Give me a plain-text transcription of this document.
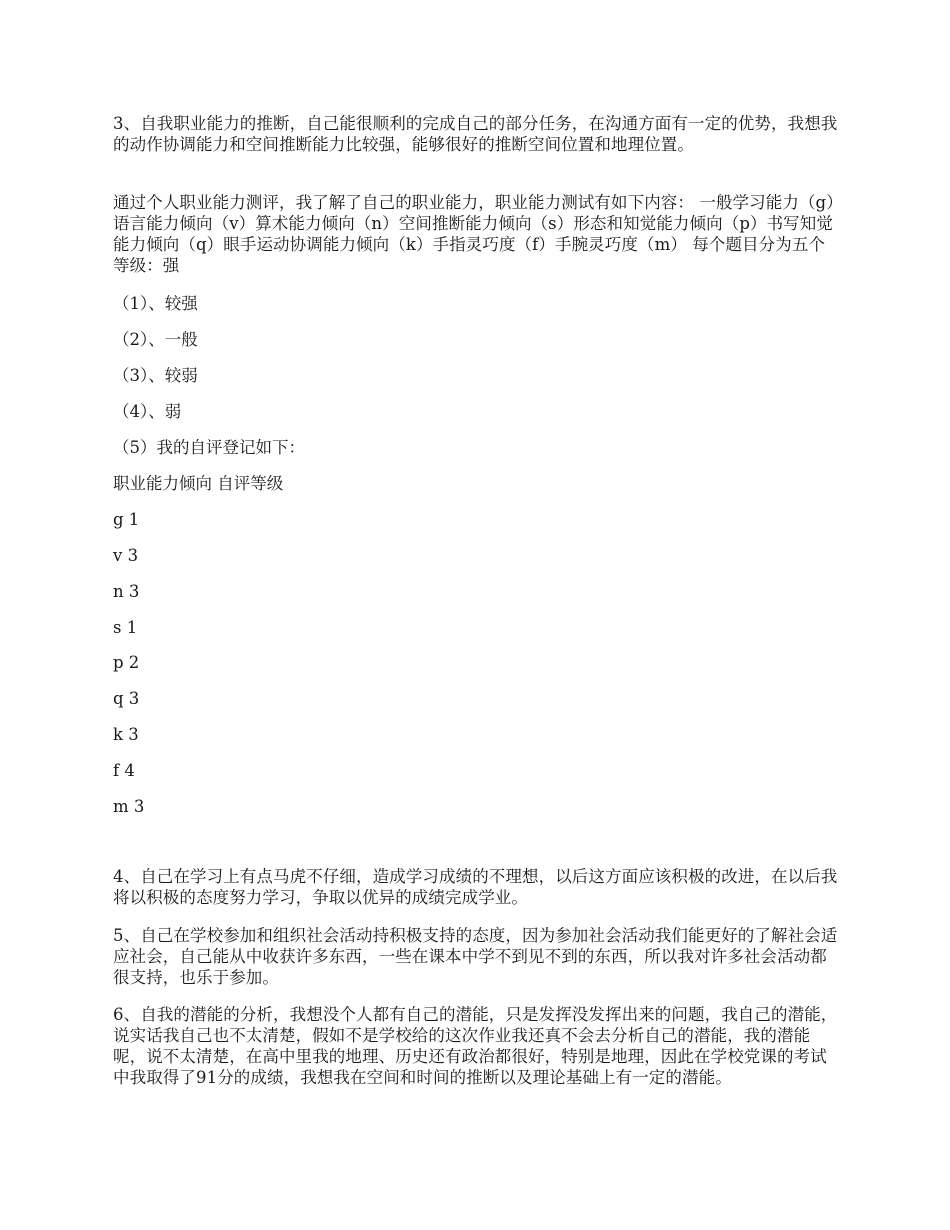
3、自我职业能力的推断，自己能很顺利的完成自己的部分任务，在沟通方面有一定的优势，我想我的动作协调能力和空间推断能力比较强，能够很好的推断空间位置和地理位置。

通过个人职业能力测评，我了解了自己的职业能力，职业能力测试有如下内容： 一般学习能力（g）语言能力倾向（v）算术能力倾向（n）空间推断能力倾向（s）形态和知觉能力倾向（p）书写知觉能力倾向（q）眼手运动协调能力倾向（k）手指灵巧度（f）手腕灵巧度（m） 每个题目分为五个等级：强

（1）、较强

（2）、一般

（3）、较弱

（4）、弱

（5）我的自评登记如下：

职业能力倾向 自评等级

g 1

v 3

n 3

s 1

p 2

q 3

k 3

f 4

m 3

4、自己在学习上有点马虎不仔细，造成学习成绩的不理想，以后这方面应该积极的改进，在以后我将以积极的态度努力学习，争取以优异的成绩完成学业。

5、自己在学校参加和组织社会活动持积极支持的态度，因为参加社会活动我们能更好的了解社会适应社会，自己能从中收获许多东西，一些在课本中学不到见不到的东西，所以我对许多社会活动都很支持，也乐于参加。

6、自我的潜能的分析，我想没个人都有自己的潜能，只是发挥没发挥出来的问题，我自己的潜能，说实话我自己也不太清楚，假如不是学校给的这次作业我还真不会去分析自己的潜能，我的潜能呢，说不太清楚，在高中里我的地理、历史还有政治都很好，特别是地理，因此在学校党课的考试中我取得了91分的成绩，我想我在空间和时间的推断以及理论基础上有一定的潜能。
